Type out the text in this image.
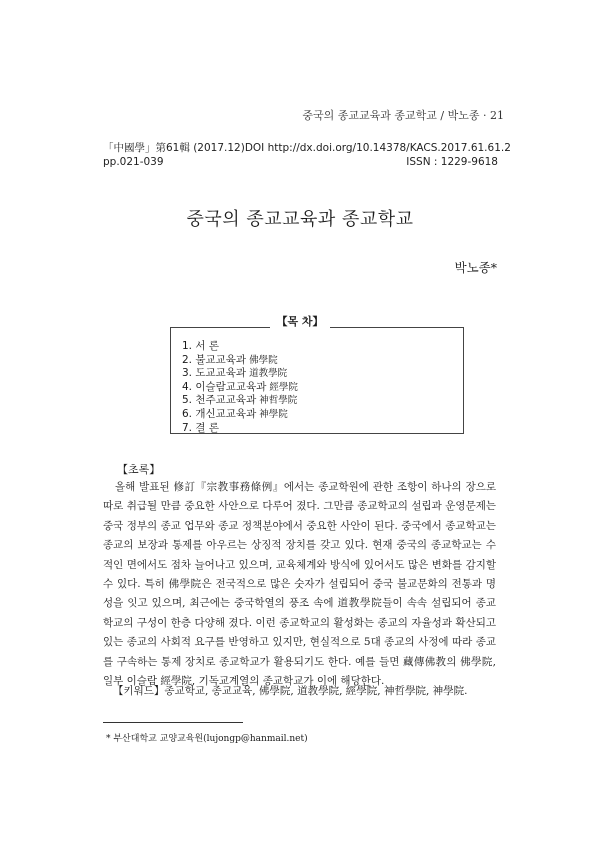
중국의 종교교육과 종교학교 / 박노종 · 21
「中國學」第61輯 (2017.12) DOI http://dx.doi.org/10.14378/KACS.2017.61.61.2
pp.021-039	ISSN : 1229-9618
중국의 종교교육과 종교학교
박노종*
【목 차】
1. 서 론
2. 불교교육과 佛學院
3. 도교교육과 道教學院
4. 이슬람교교육과 經學院
5. 천주교교육과 神哲學院
6. 개신교교육과 神學院
7. 결 론
【초록】
올해 발표된 修訂『宗教事務條例』에서는 종교학원에 관한 조항이 하나의 장으로 따로 취급될 만큼 중요한 사안으로 다루어 졌다. 그만큼 종교학교의 설립과 운영문제는 중국 정부의 종교 업무와 종교 정책분야에서 중요한 사안이 된다. 중국에서 종교학교는 종교의 보장과 통제를 아우르는 상징적 장치를 갖고 있다. 현재 중국의 종교학교는 수 적인 면에서도 점차 늘어나고 있으며, 교육체계와 방식에 있어서도 많은 변화를 감지할 수 있다. 특히 佛學院은 전국적으로 많은 숫자가 설립되어 중국 불교문화의 전통과 명성을 잇고 있으며, 최근에는 중국학열의 풍조 속에 道教學院들이 속속 설립되어 종교학교의 구성이 한층 다양해 졌다. 이런 종교학교의 활성화는 종교의 자율성과 확산되고 있는 종교의 사회적 요구를 반영하고 있지만, 현실적으로 5대 종교의 사정에 따라 종교를 구속하는 통제 장치로 종교학교가 활용되기도 한다. 예를 들면 藏傳佛教의 佛學院, 일부 이슬람 經學院, 기독교계열의 종교학교가 이에 해당한다.
【키워드】종교학교, 종교교육, 佛學院, 道教學院, 經學院, 神哲學院, 神學院.
* 부산대학교 교양교육원(lujongp@hanmail.net)
